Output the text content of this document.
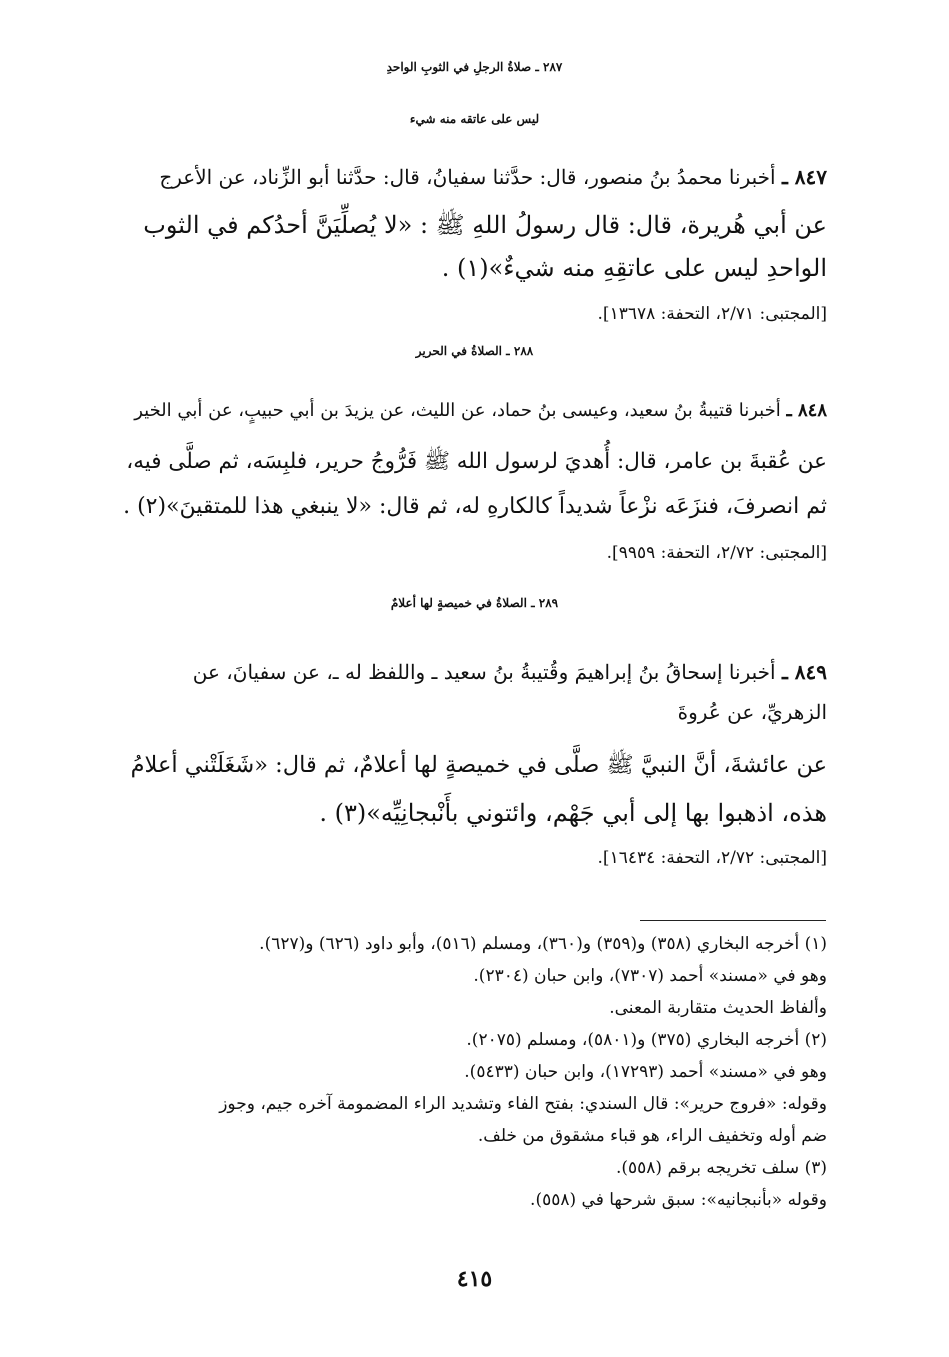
٢٨٧ ـ صلاةُ الرجلِ في الثوبِ الواحدِ
ليس على عاتقه منه شيء
٨٤٧ ـ أخبرنا محمدُ بنُ منصور، قال: حدَّثنا سفيانُ، قال: حدَّثنا أبو الزِّناد، عن الأعرج
عن أبي هُريرة، قال: قال رسولُ اللهِ ﷺ : «لا يُصلِّيَنَّ أحدُكم في الثوب
الواحدِ ليس على عاتقِهِ منه شيءٌ»(١) .
[المجتبى: ٢/٧١، التحفة: ١٣٦٧٨].
٢٨٨ ـ الصلاةُ في الحرير
٨٤٨ ـ أخبرنا قتيبةُ بنُ سعيد، وعيسى بنُ حماد، عن الليث، عن يزيدَ بن أبي حبيبٍ، عن أبي الخير
عن عُقبةَ بن عامر، قال: أُهديَ لرسول الله ﷺ فَرُّوجُ حرير، فلبِسَه، ثم صلَّى فيه،
ثم انصرفَ، فنزَعَه نزْعاً شديداً كالكارهِ له، ثم قال: «لا ينبغي هذا للمتقينَ»(٢) .
[المجتبى: ٢/٧٢، التحفة: ٩٩٥٩].
٢٨٩ ـ الصلاةُ في خميصةٍ لها أعلامٌ
٨٤٩ ـ أخبرنا إسحاقُ بنُ إبراهيمَ وقُتيبةُ بنُ سعيد ـ واللفظ له ـ، عن سفيانَ، عن
الزهريِّ، عن عُروةَ
عن عائشةَ، أنَّ النبيَّ ﷺ صلَّى في خميصةٍ لها أعلامٌ، ثم قال: «شَغَلَتْني أعلامُ
هذه، اذهبوا بها إلى أبي جَهْم، وائتوني بأَنْبجانِيِّه»(٣) .
[المجتبى: ٢/٧٢، التحفة: ١٦٤٣٤].
(١) أخرجه البخاري (٣٥٨) و(٣٥٩) و(٣٦٠)، ومسلم (٥١٦)، وأبو داود (٦٢٦) و(٦٢٧).
وهو في «مسند» أحمد (٧٣٠٧)، وابن حبان (٢٣٠٤).
وألفاظ الحديث متقاربة المعنى.
(٢) أخرجه البخاري (٣٧٥) و(٥٨٠١)، ومسلم (٢٠٧٥).
وهو في «مسند» أحمد (١٧٢٩٣)، وابن حبان (٥٤٣٣).
وقوله: «فروج حرير»: قال السندي: بفتح الفاء وتشديد الراء المضمومة آخره جيم، وجوز
ضم أوله وتخفيف الراء، هو قباء مشقوق من خلف.
(٣) سلف تخريجه برقم (٥٥٨).
وقوله «بأنبجانيه»: سبق شرحها في (٥٥٨).
٤١٥
